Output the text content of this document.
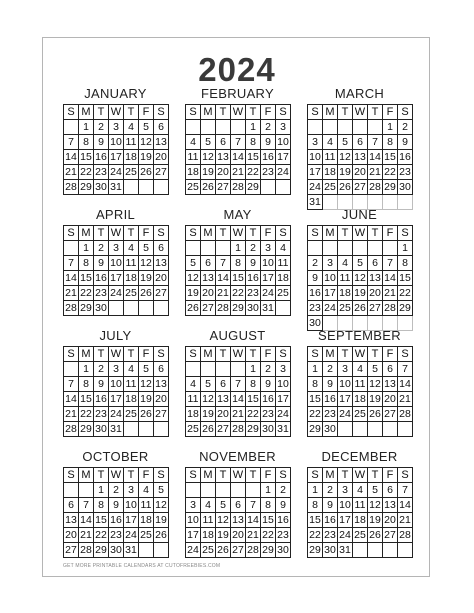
2024
JANUARY
S M T W T F S
1 2 3 4 5 6
7 8 9 10 11 12 13
14 15 16 17 18 19 20
21 22 23 24 25 26 27
28 29 30 31
FEBRUARY
S M T W T F S
1 2 3
4 5 6 7 8 9 10
11 12 13 14 15 16 17
18 19 20 21 22 23 24
25 26 27 28 29
MARCH
S M T W T F S
1 2
3 4 5 6 7 8 9
10 11 12 13 14 15 16
17 18 19 20 21 22 23
24 25 26 27 28 29 30
31
APRIL
S M T W T F S
1 2 3 4 5 6
7 8 9 10 11 12 13
14 15 16 17 18 19 20
21 22 23 24 25 26 27
28 29 30
MAY
S M T W T F S
1 2 3 4
5 6 7 8 9 10 11
12 13 14 15 16 17 18
19 20 21 22 23 24 25
26 27 28 29 30 31
JUNE
S M T W T F S
1
2 3 4 5 6 7 8
9 10 11 12 13 14 15
16 17 18 19 20 21 22
23 24 25 26 27 28 29
30
JULY
S M T W T F S
1 2 3 4 5 6
7 8 9 10 11 12 13
14 15 16 17 18 19 20
21 22 23 24 25 26 27
28 29 30 31
AUGUST
S M T W T F S
1 2 3
4 5 6 7 8 9 10
11 12 13 14 15 16 17
18 19 20 21 22 23 24
25 26 27 28 29 30 31
SEPTEMBER
S M T W T F S
1 2 3 4 5 6 7
8 9 10 11 12 13 14
15 16 17 18 19 20 21
22 23 24 25 26 27 28
29 30
OCTOBER
S M T W T F S
1 2 3 4 5
6 7 8 9 10 11 12
13 14 15 16 17 18 19
20 21 22 23 24 25 26
27 28 29 30 31
NOVEMBER
S M T W T F S
1 2
3 4 5 6 7 8 9
10 11 12 13 14 15 16
17 18 19 20 21 22 23
24 25 26 27 28 29 30
DECEMBER
S M T W T F S
1 2 3 4 5 6 7
8 9 10 11 12 13 14
15 16 17 18 19 20 21
22 23 24 25 26 27 28
29 30 31
GET MORE PRINTABLE CALENDARS AT CUTOFREEBIES.COM
